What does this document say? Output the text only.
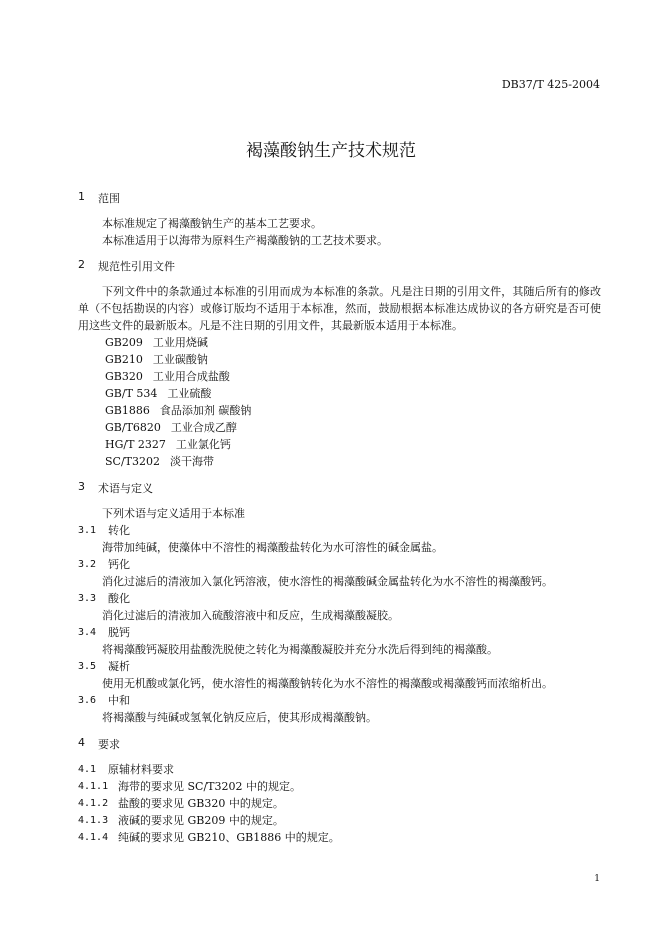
DB37/T 425-2004
褐藻酸钠生产技术规范
1	范围
本标准规定了褐藻酸钠生产的基本工艺要求。
本标准适用于以海带为原料生产褐藻酸钠的工艺技术要求。
2	规范性引用文件
下列文件中的条款通过本标准的引用而成为本标准的条款。凡是注日期的引用文件，其随后所有的修改单（不包括勘误的内容）或修订版均不适用于本标准，然而，鼓励根据本标准达成协议的各方研究是否可使用这些文件的最新版本。凡是不注日期的引用文件，其最新版本适用于本标准。
GB209 工业用烧碱
GB210 工业碳酸钠
GB320 工业用合成盐酸
GB/T 534 工业硫酸
GB1886 食品添加剂 碳酸钠
GB/T6820 工业合成乙醇
HG/T 2327 工业氯化钙
SC/T3202 淡干海带
3	术语与定义
下列术语与定义适用于本标准
3.1	转化
海带加纯碱，使藻体中不溶性的褐藻酸盐转化为水可溶性的碱金属盐。
3.2	钙化
消化过滤后的清液加入氯化钙溶液，使水溶性的褐藻酸碱金属盐转化为水不溶性的褐藻酸钙。
3.3	酸化
消化过滤后的清液加入硫酸溶液中和反应，生成褐藻酸凝胶。
3.4	脱钙
将褐藻酸钙凝胶用盐酸洗脱使之转化为褐藻酸凝胶并充分水洗后得到纯的褐藻酸。
3.5	凝析
使用无机酸或氯化钙，使水溶性的褐藻酸钠转化为水不溶性的褐藻酸或褐藻酸钙而浓缩析出。
3.6	中和
将褐藻酸与纯碱或氢氧化钠反应后，使其形成褐藻酸钠。
4	要求
4.1	原辅材料要求
4.1.1 海带的要求见 SC/T3202 中的规定。
4.1.2 盐酸的要求见 GB320 中的规定。
4.1.3 液碱的要求见 GB209 中的规定。
4.1.4 纯碱的要求见 GB210、GB1886 中的规定。
1
